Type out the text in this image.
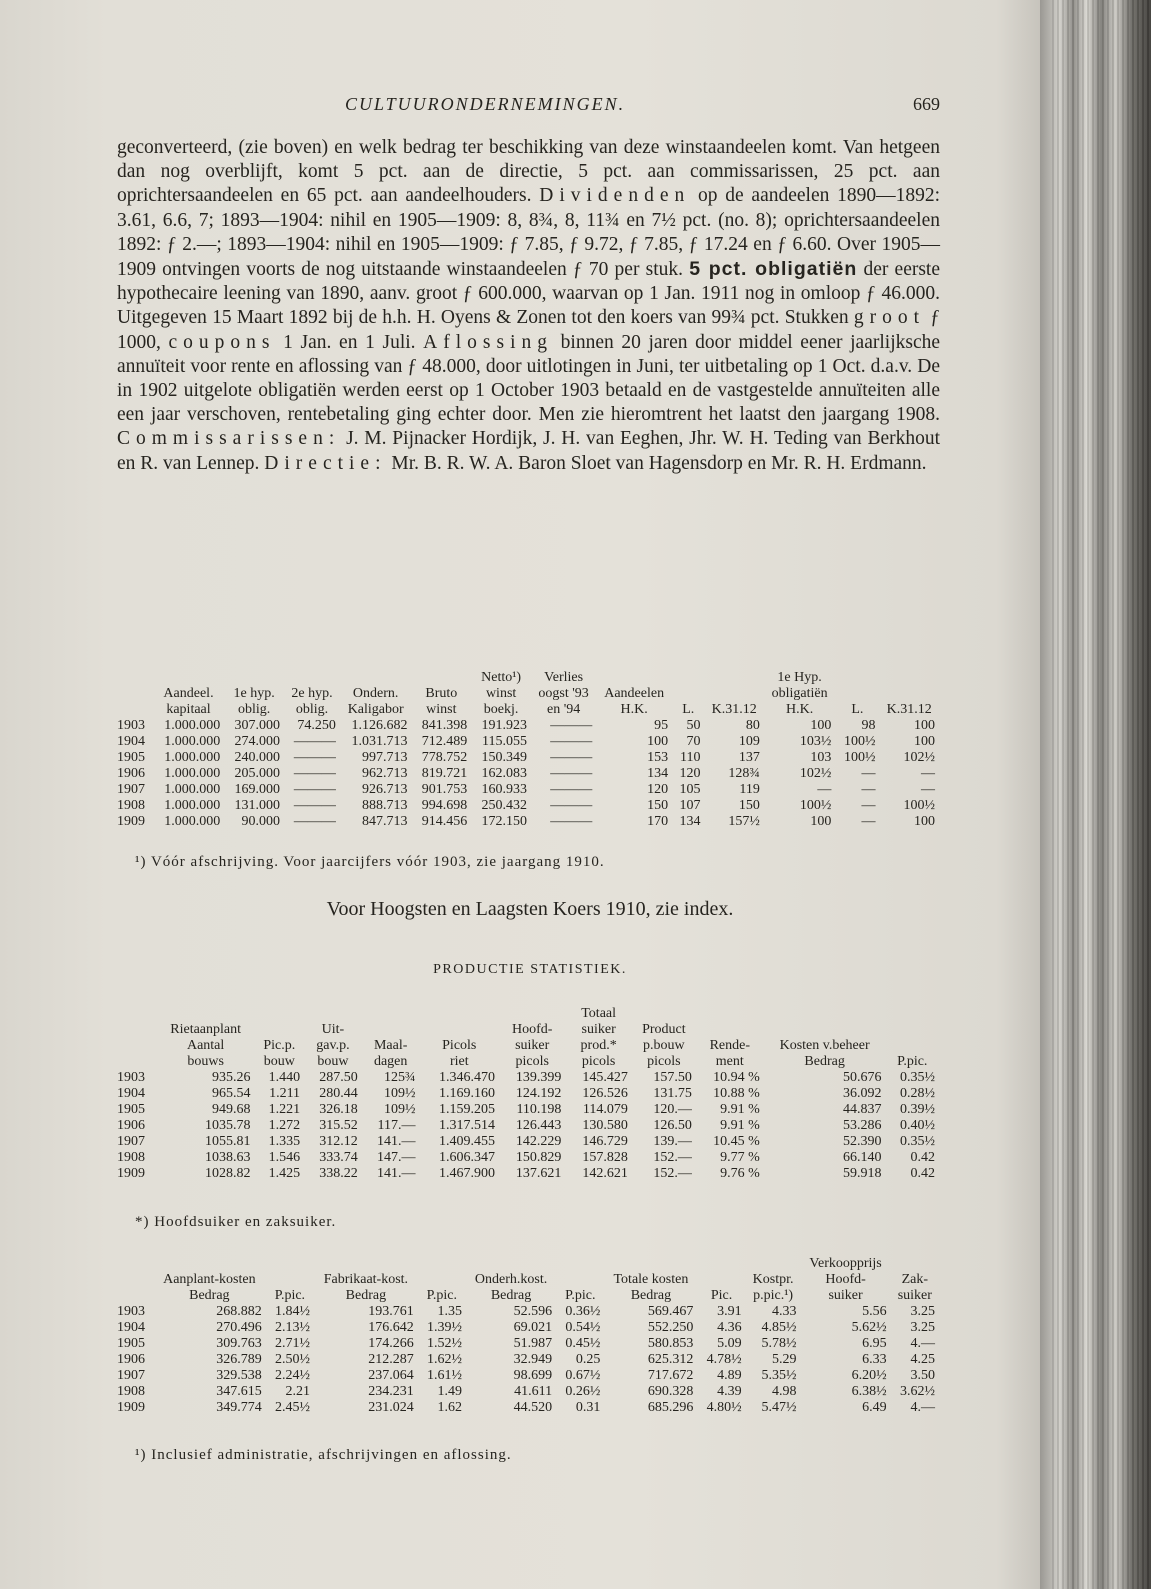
CULTUURONDERNEMINGEN.	669
geconverteerd, (zie boven) en welk bedrag ter beschikking van deze winstaandeelen komt. Van hetgeen dan nog overblijft, komt 5 pct. aan de directie, 5 pct. aan commissarissen, 25 pct. aan oprichtersaandeelen en 65 pct. aan aandeelhouders. Dividenden op de aandeelen 1890—1892: 3.61, 6.6, 7; 1893—1904: nihil en 1905—1909: 8, 8¾, 8, 11¾ en 7½ pct. (no. 8); oprichtersaandeelen 1892: ƒ 2.—; 1893—1904: nihil en 1905—1909: ƒ 7.85, ƒ 9.72, ƒ 7.85, ƒ 17.24 en ƒ 6.60. Over 1905—1909 ontvingen voorts de nog uitstaande winstaandeelen ƒ 70 per stuk. 5 pct. obligatiën der eerste hypothecaire leening van 1890, aanv. groot ƒ 600.000, waarvan op 1 Jan. 1911 nog in omloop ƒ 46.000. Uitgegeven 15 Maart 1892 bij de h.h. H. Oyens & Zonen tot den koers van 99¾ pct. Stukken groot ƒ 1000, coupons 1 Jan. en 1 Juli. Aflossing binnen 20 jaren door middel eener jaarlijksche annuïteit voor rente en aflossing van ƒ 48.000, door uitlotingen in Juni, ter uitbetaling op 1 Oct. d.a.v. De in 1902 uitgelote obligatiën werden eerst op 1 October 1903 betaald en de vastgestelde annuïteiten alle een jaar verschoven, rentebetaling ging echter door. Men zie hieromtrent het laatst den jaargang 1908. Commissarissen: J. M. Pijnacker Hordijk, J. H. van Eeghen, Jhr. W. H. Teding van Berkhout en R. van Lennep. Directie: Mr. B. R. W. A. Baron Sloet van Hagensdorp en Mr. R. H. Erdmann.
						Netto¹)	Verlies				1e Hyp.		
	Aandeel.	1e hyp.	2e hyp.	Ondern.	Bruto	winst	oogst '93	Aandeelen			obligatiën		
	kapitaal	oblig.	oblig.	Kaligabor	winst	boekj.	en '94	H.K.	L.	K.31.12	H.K.	L.	K.31.12
1903	1.000.000	307.000	74.250	1.126.682	841.398	191.923	———	95	50	80	100	98	100
1904	1.000.000	274.000	———	1.031.713	712.489	115.055	———	100	70	109	103½	100½	100
1905	1.000.000	240.000	———	997.713	778.752	150.349	———	153	110	137	103	100½	102½
1906	1.000.000	205.000	———	962.713	819.721	162.083	———	134	120	128¾	102½	—	—
1907	1.000.000	169.000	———	926.713	901.753	160.933	———	120	105	119	—	—	—
1908	1.000.000	131.000	———	888.713	994.698	250.432	———	150	107	150	100½	—	100½
1909	1.000.000	90.000	———	847.713	914.456	172.150	———	170	134	157½	100	—	100
¹) Vóór afschrijving. Voor jaarcijfers vóór 1903, zie jaargang 1910.
Voor Hoogsten en Laagsten Koers 1910, zie index.
PRODUCTIE STATISTIEK.
							Totaal				
	Rietaanplant		Uit-			Hoofd-	suiker	Product			
	Aantal	Pic.p.	gav.p.	Maal-	Picols	suiker	prod.*	p.bouw	Rende-	Kosten v.beheer	
	bouws	bouw	bouw	dagen	riet	picols	picols	picols	ment	Bedrag	P.pic.
1903	935.26	1.440	287.50	125¾	1.346.470	139.399	145.427	157.50	10.94 %	50.676	0.35½
1904	965.54	1.211	280.44	109½	1.169.160	124.192	126.526	131.75	10.88 %	36.092	0.28½
1905	949.68	1.221	326.18	109½	1.159.205	110.198	114.079	120.—	9.91 %	44.837	0.39½
1906	1035.78	1.272	315.52	117.—	1.317.514	126.443	130.580	126.50	9.91 %	53.286	0.40½
1907	1055.81	1.335	312.12	141.—	1.409.455	142.229	146.729	139.—	10.45 %	52.390	0.35½
1908	1038.63	1.546	333.74	147.—	1.606.347	150.829	157.828	152.—	9.77 %	66.140	0.42
1909	1028.82	1.425	338.22	141.—	1.467.900	137.621	142.621	152.—	9.76 %	59.918	0.42
*) Hoofdsuiker en zaksuiker.
										Verkoopprijs	
	Aanplant-kosten		Fabrikaat-kost.		Onderh.kost.		Totale kosten		Kostpr.	Hoofd-	Zak-
	Bedrag	P.pic.	Bedrag	P.pic.	Bedrag	P.pic.	Bedrag	Pic.	p.pic.¹)	suiker	suiker
1903	268.882	1.84½	193.761	1.35	52.596	0.36½	569.467	3.91	4.33	5.56	3.25
1904	270.496	2.13½	176.642	1.39½	69.021	0.54½	552.250	4.36	4.85½	5.62½	3.25
1905	309.763	2.71½	174.266	1.52½	51.987	0.45½	580.853	5.09	5.78½	6.95	4.—
1906	326.789	2.50½	212.287	1.62½	32.949	0.25	625.312	4.78½	5.29	6.33	4.25
1907	329.538	2.24½	237.064	1.61½	98.699	0.67½	717.672	4.89	5.35½	6.20½	3.50
1908	347.615	2.21	234.231	1.49	41.611	0.26½	690.328	4.39	4.98	6.38½	3.62½
1909	349.774	2.45½	231.024	1.62	44.520	0.31	685.296	4.80½	5.47½	6.49	4.—
¹) Inclusief administratie, afschrijvingen en aflossing.
